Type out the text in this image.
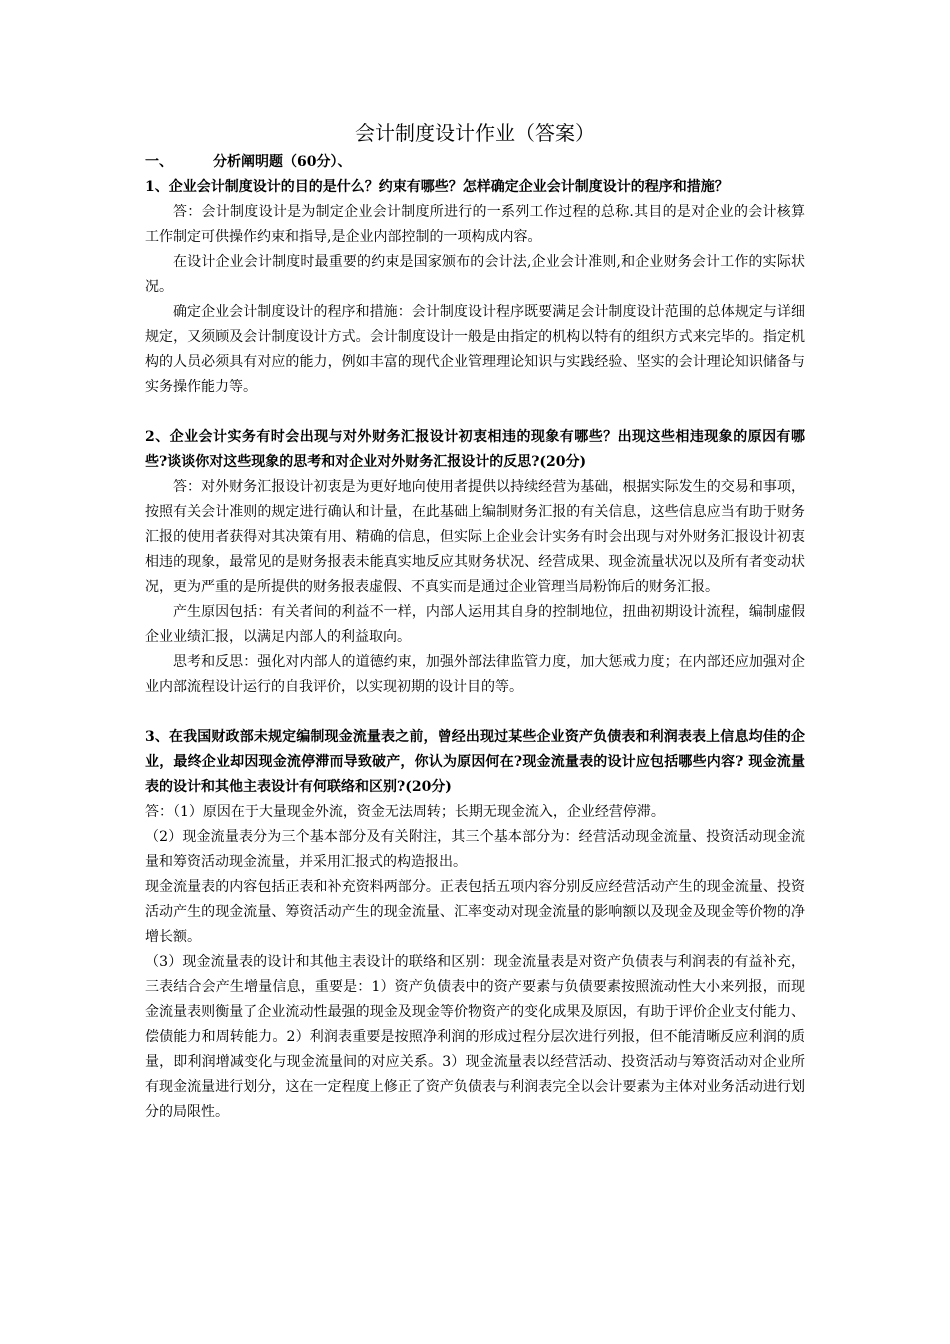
会计制度设计作业（答案）

一、	分析阐明题（60分）、

1、企业会计制度设计的目的是什么？约束有哪些？怎样确定企业会计制度设计的程序和措施？

答：会计制度设计是为制定企业会计制度所进行的一系列工作过程的总称.其目的是对企业的会计核算工作制定可供操作约束和指导,是企业内部控制的一项构成内容。

在设计企业会计制度时最重要的约束是国家颁布的会计法,企业会计准则,和企业财务会计工作的实际状况。

确定企业会计制度设计的程序和措施：会计制度设计程序既要满足会计制度设计范围的总体规定与详细规定，又须顾及会计制度设计方式。会计制度设计一般是由指定的机构以特有的组织方式来完毕的。指定机构的人员必须具有对应的能力，例如丰富的现代企业管理理论知识与实践经验、坚实的会计理论知识储备与实务操作能力等。

2、企业会计实务有时会出现与对外财务汇报设计初衷相违的现象有哪些？出现这些相违现象的原因有哪些?谈谈你对这些现象的思考和对企业对外财务汇报设计的反思?(20分)

答：对外财务汇报设计初衷是为更好地向使用者提供以持续经营为基础，根据实际发生的交易和事项，按照有关会计准则的规定进行确认和计量，在此基础上编制财务汇报的有关信息，这些信息应当有助于财务汇报的使用者获得对其决策有用、精确的信息，但实际上企业会计实务有时会出现与对外财务汇报设计初衷相违的现象，最常见的是财务报表未能真实地反应其财务状况、经营成果、现金流量状况以及所有者变动状况，更为严重的是所提供的财务报表虚假、不真实而是通过企业管理当局粉饰后的财务汇报。

产生原因包括：有关者间的利益不一样，内部人运用其自身的控制地位，扭曲初期设计流程，编制虚假企业业绩汇报，以满足内部人的利益取向。

思考和反思：强化对内部人的道德约束，加强外部法律监管力度，加大惩戒力度；在内部还应加强对企业内部流程设计运行的自我评价，以实现初期的设计目的等。

3、在我国财政部未规定编制现金流量表之前，曾经出现过某些企业资产负债表和利润表表上信息均佳的企业，最终企业却因现金流停滞而导致破产，你认为原因何在?现金流量表的设计应包括哪些内容? 现金流量表的设计和其他主表设计有何联络和区别?(20分)

答：（1）原因在于大量现金外流，资金无法周转；长期无现金流入，企业经营停滞。

（2）现金流量表分为三个基本部分及有关附注，其三个基本部分为：经营活动现金流量、投资活动现金流量和筹资活动现金流量，并采用汇报式的构造报出。

现金流量表的内容包括正表和补充资料两部分。正表包括五项内容分别反应经营活动产生的现金流量、投资活动产生的现金流量、筹资活动产生的现金流量、汇率变动对现金流量的影响额以及现金及现金等价物的净增长额。

（3）现金流量表的设计和其他主表设计的联络和区别：现金流量表是对资产负债表与利润表的有益补充，三表结合会产生增量信息，重要是：1）资产负债表中的资产要素与负债要素按照流动性大小来列报，而现金流量表则衡量了企业流动性最强的现金及现金等价物资产的变化成果及原因，有助于评价企业支付能力、偿债能力和周转能力。2）利润表重要是按照净利润的形成过程分层次进行列报，但不能清晰反应利润的质量，即利润增减变化与现金流量间的对应关系。3）现金流量表以经营活动、投资活动与筹资活动对企业所有现金流量进行划分，这在一定程度上修正了资产负债表与利润表完全以会计要素为主体对业务活动进行划分的局限性。
